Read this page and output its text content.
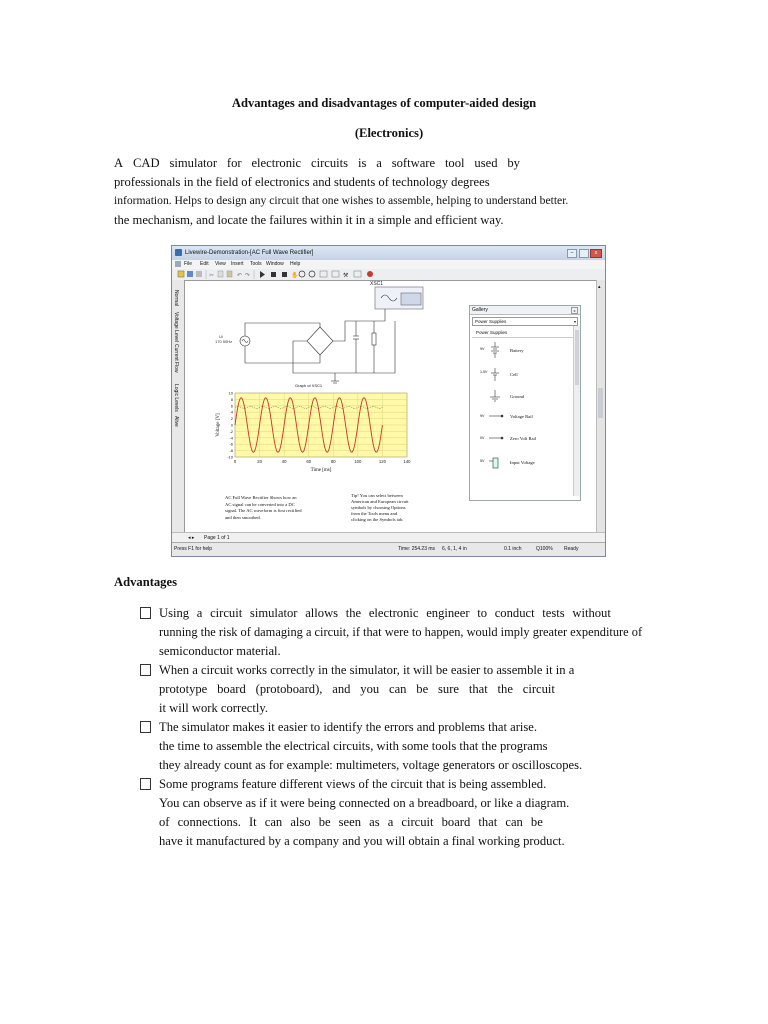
Advantages and disadvantages of computer-aided design
(Electronics)
A CAD simulator for electronic circuits is a software tool used by
professionals in the field of electronics and students of technology degrees
information. Helps to design any circuit that one wishes to assemble, helping to understand better.
the mechanism, and locate the failures within it in a simple and efficient way.
Livewire-Demonstration-[AC Full Wave Rectifier]	–	x
File Edit View Insert Tools Window Help
✂	↶ ↷	✋	⚒
Normal
Voltage Level
Current Flow
Logic Levels
Alive
XSC1
Ui
170 50Hz
Graph of XSC1
0	20	40	60	80	100	120	140
10
8
6
4
2
0
-2
-4
-6
-8
-10
Time [ms]
Voltage [V]
AC Full Wave Rectifier Shows how an
AC signal can be converted into a DC
signal. The AC waveform is first rectified
and then smoothed.
Tip! You can select between
American and European circuit
symbols by choosing Options
from the Tools menu and
clicking on the Symbols tab.
Gallery	x
Power Supplies	▾
Power Supplies
9V	Battery
1.5V	Cell
Ground
9V	Voltage Rail
0V	Zero Volt Rail
5V	Input Voltage
▴
◂ ▸ Page 1 of 1
Press F1 for help	Time: 254.23 ms 6, 6, 1, 4 in	0.1 inch	Q100% Ready
Advantages
Using a circuit simulator allows the electronic engineer to conduct tests without
running the risk of damaging a circuit, if that were to happen, would imply greater expenditure of
semiconductor material.
When a circuit works correctly in the simulator, it will be easier to assemble it in a
prototype board (protoboard), and you can be sure that the circuit
it will work correctly.
The simulator makes it easier to identify the errors and problems that arise.
the time to assemble the electrical circuits, with some tools that the programs
they already count as for example: multimeters, voltage generators or oscilloscopes.
Some programs feature different views of the circuit that is being assembled.
You can observe as if it were being connected on a breadboard, or like a diagram.
of connections. It can also be seen as a circuit board that can be
have it manufactured by a company and you will obtain a final working product.
